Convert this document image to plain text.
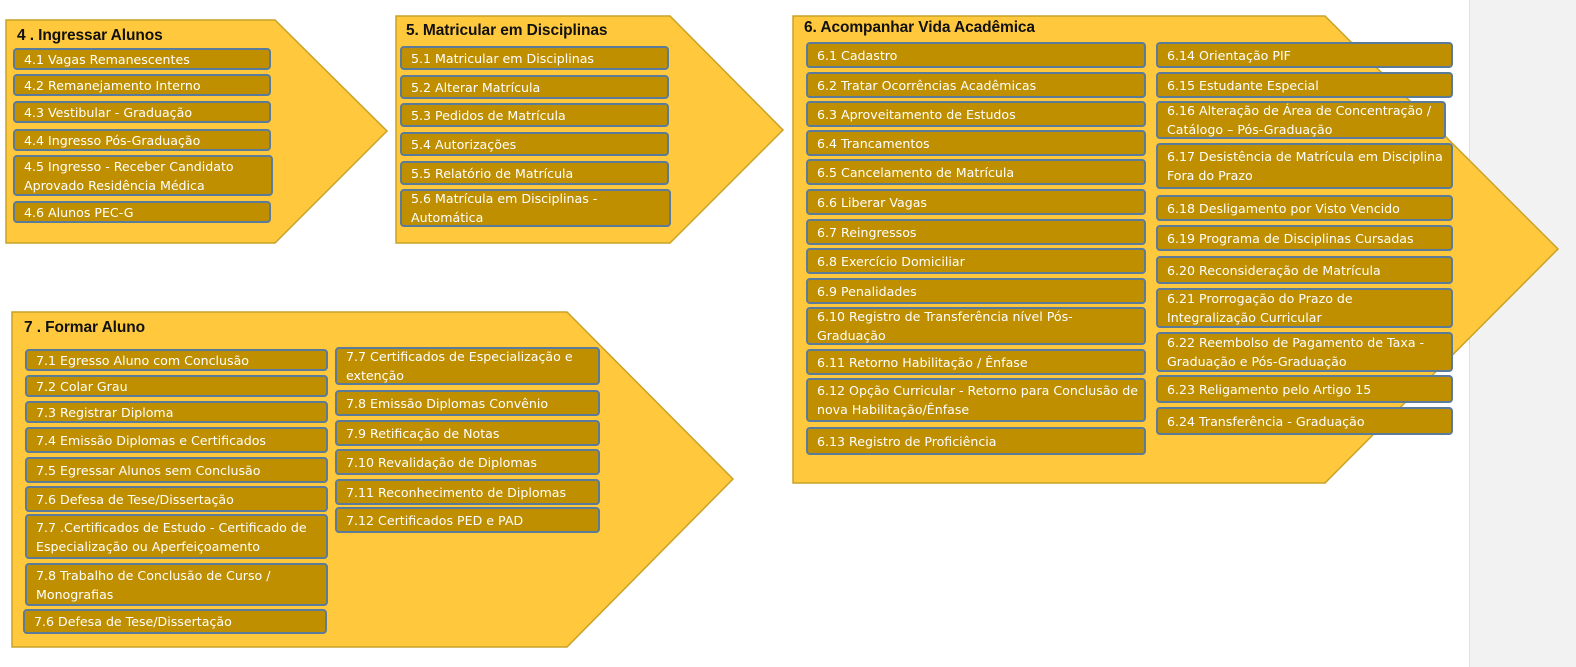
4 . Ingressar Alunos	5. Matricular em Disciplinas	6. Acompanhar Vida Acadêmica
7 . Formar Aluno
4.1 Vagas Remanescentes
4.2 Remanejamento Interno
4.3 Vestibular - Graduação
4.4 Ingresso Pós-Graduação
4.5 Ingresso - Receber Candidato Aprovado Residência Médica
4.6 Alunos PEC-G
5.1 Matricular em Disciplinas
5.2 Alterar Matrícula
5.3 Pedidos de Matrícula
5.4 Autorizações
5.5 Relatório de Matrícula
5.6 Matrícula em Disciplinas - Automática
6.1 Cadastro
6.2 Tratar Ocorrências Acadêmicas
6.3 Aproveitamento de Estudos
6.4 Trancamentos
6.5 Cancelamento de Matrícula
6.6 Liberar Vagas
6.7 Reingressos
6.8 Exercício Domiciliar
6.9 Penalidades
6.10 Registro de Transferência nível Pós-Graduação
6.11 Retorno Habilitação / Ênfase
6.12 Opção Curricular - Retorno para Conclusão de nova Habilitação/Ênfase
6.13 Registro de Proficiência
6.14 Orientação PIF
6.15 Estudante Especial
6.16 Alteração de Área de Concentração / Catálogo – Pós-Graduação
6.17 Desistência de Matrícula em Disciplina Fora do Prazo
6.18 Desligamento por Visto Vencido
6.19 Programa de Disciplinas Cursadas
6.20 Reconsideração de Matrícula
6.21 Prorrogação do Prazo de Integralização Curricular
6.22 Reembolso de Pagamento de Taxa - Graduação e Pós-Graduação
6.23 Religamento pelo Artigo 15
6.24 Transferência - Graduação
7.1 Egresso Aluno com Conclusão
7.2 Colar Grau
7.3 Registrar Diploma
7.4 Emissão Diplomas e Certificados
7.5 Egressar Alunos sem Conclusão
7.6 Defesa de Tese/Dissertação
7.7 .Certificados de Estudo - Certificado de Especialização ou Aperfeiçoamento
7.8 Trabalho de Conclusão de Curso / Monografias
7.6 Defesa de Tese/Dissertação
7.7 Certificados de Especialização e extenção
7.8 Emissão Diplomas Convênio
7.9 Retificação de Notas
7.10 Revalidação de Diplomas
7.11 Reconhecimento de Diplomas
7.12 Certificados PED e PAD
